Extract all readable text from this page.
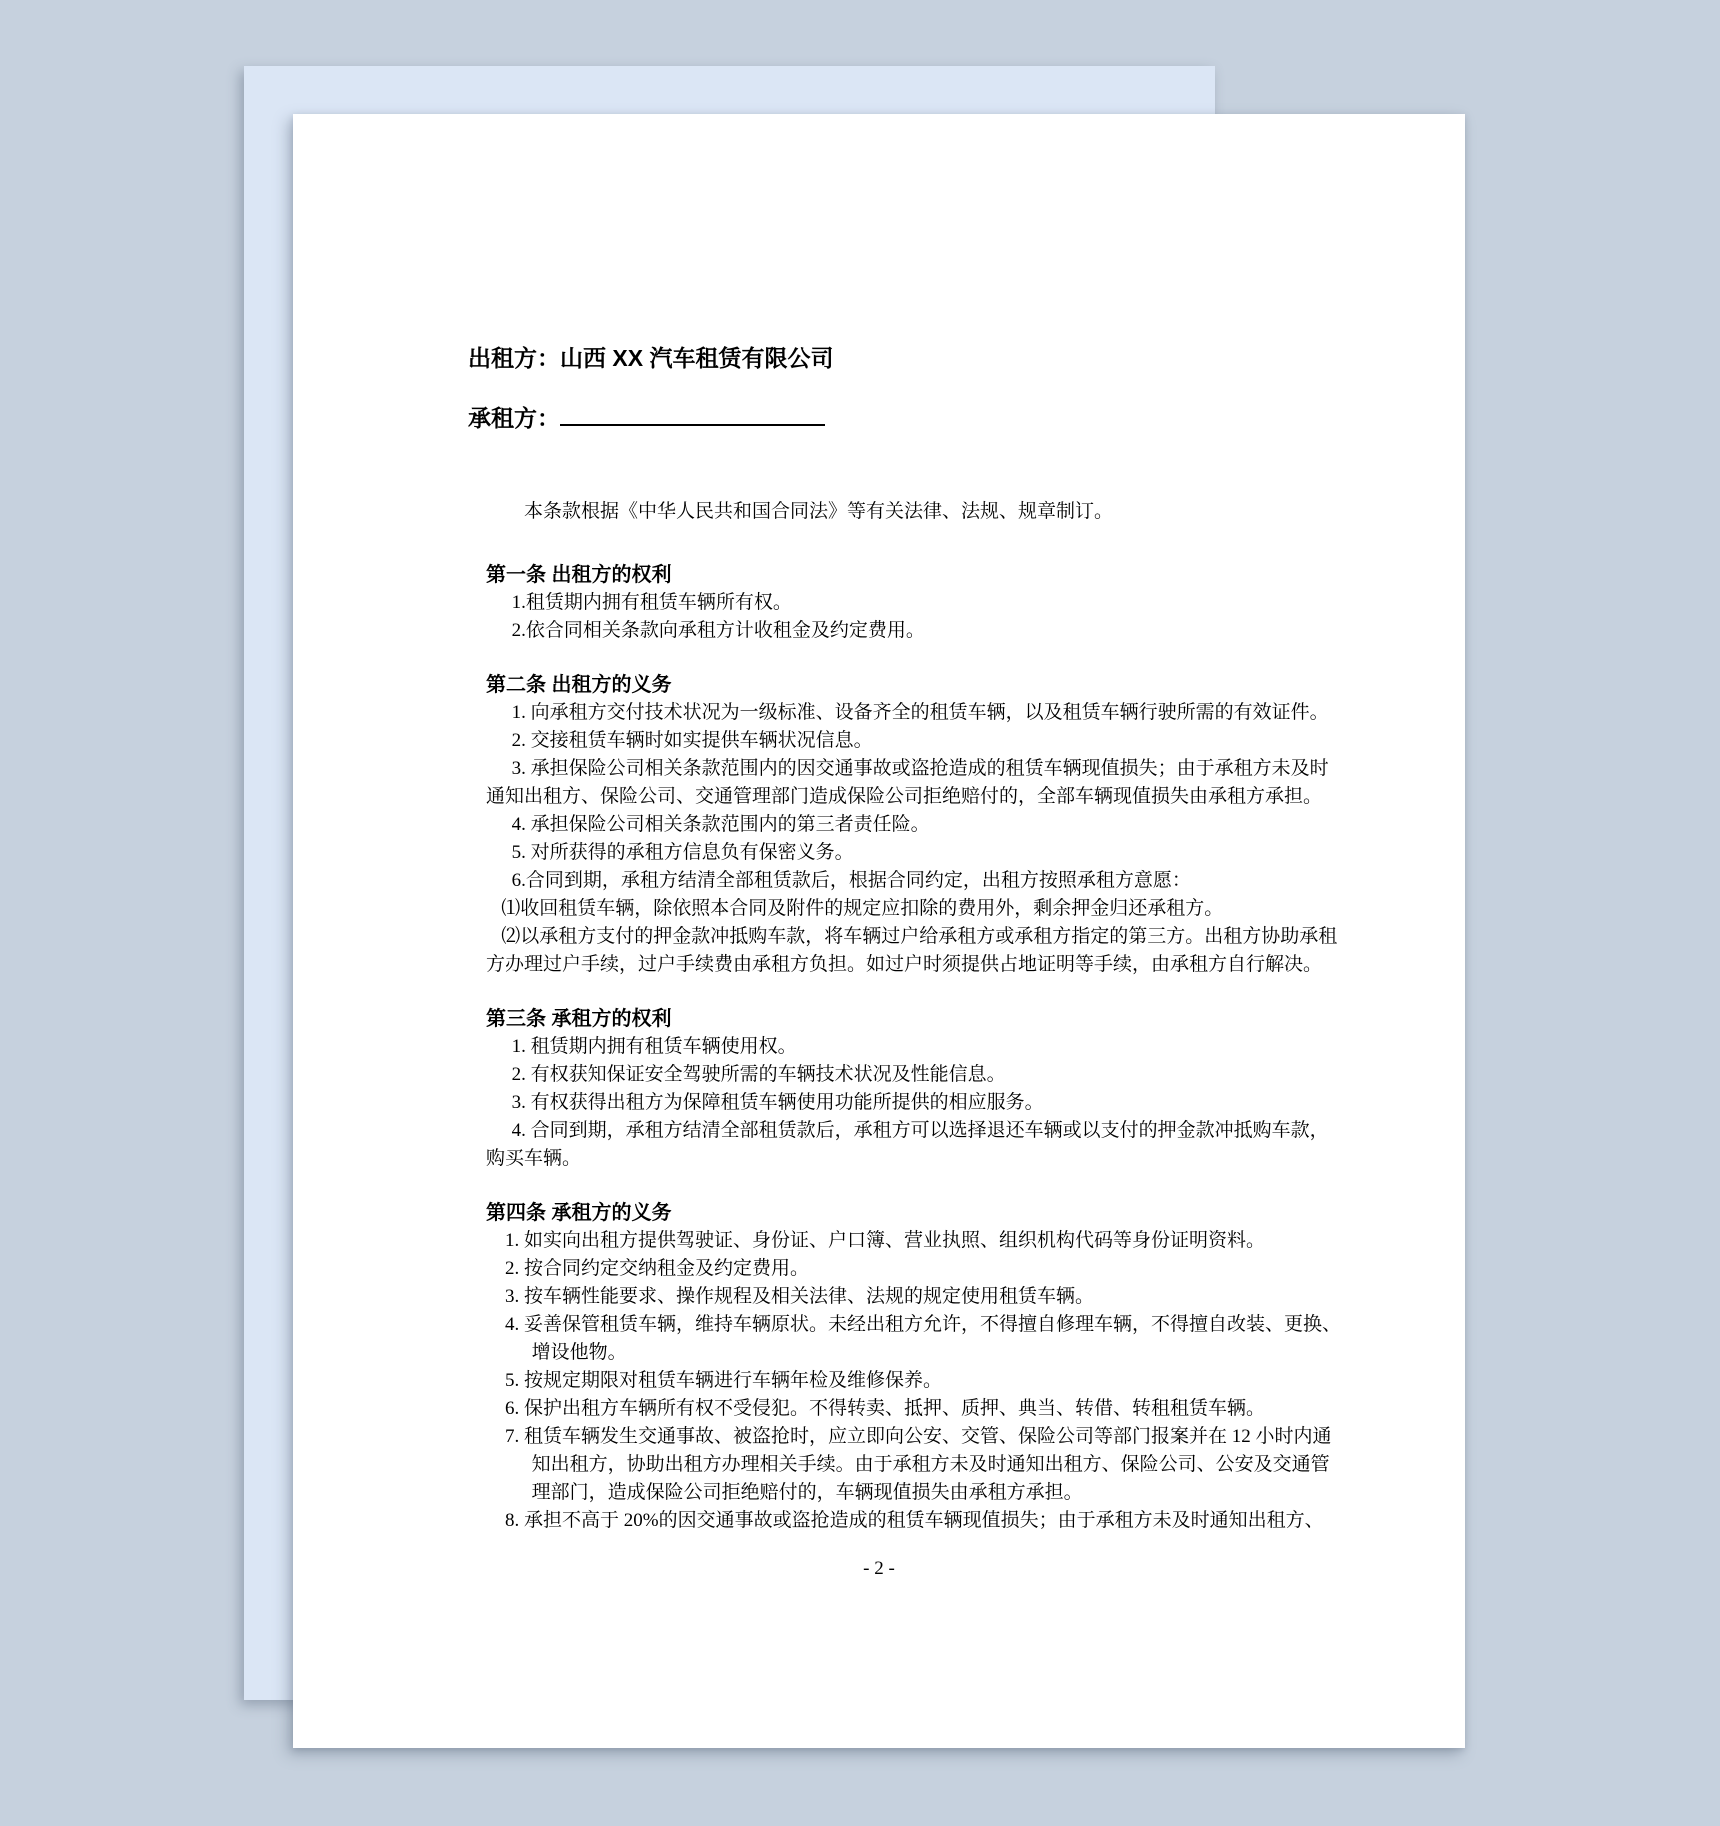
出租方：山西 XX 汽车租赁有限公司

承租方：

本条款根据《中华人民共和国合同法》等有关法律、法规、规章制订。

第一条 出租方的权利

1.租赁期内拥有租赁车辆所有权。

2.依合同相关条款向承租方计收租金及约定费用。

第二条 出租方的义务

1. 向承租方交付技术状况为一级标准、设备齐全的租赁车辆，以及租赁车辆行驶所需的有效证件。

2. 交接租赁车辆时如实提供车辆状况信息。

3. 承担保险公司相关条款范围内的因交通事故或盗抢造成的租赁车辆现值损失；由于承租方未及时通知出租方、保险公司、交通管理部门造成保险公司拒绝赔付的，全部车辆现值损失由承租方承担。

4. 承担保险公司相关条款范围内的第三者责任险。

5. 对所获得的承租方信息负有保密义务。

6.合同到期，承租方结清全部租赁款后，根据合同约定，出租方按照承租方意愿：

⑴收回租赁车辆，除依照本合同及附件的规定应扣除的费用外，剩余押金归还承租方。

⑵以承租方支付的押金款冲抵购车款，将车辆过户给承租方或承租方指定的第三方。出租方协助承租方办理过户手续，过户手续费由承租方负担。如过户时须提供占地证明等手续，由承租方自行解决。

第三条 承租方的权利

1. 租赁期内拥有租赁车辆使用权。

2. 有权获知保证安全驾驶所需的车辆技术状况及性能信息。

3. 有权获得出租方为保障租赁车辆使用功能所提供的相应服务。

4. 合同到期，承租方结清全部租赁款后，承租方可以选择退还车辆或以支付的押金款冲抵购车款，购买车辆。

第四条 承租方的义务

1. 如实向出租方提供驾驶证、身份证、户口簿、营业执照、组织机构代码等身份证明资料。

2. 按合同约定交纳租金及约定费用。

3. 按车辆性能要求、操作规程及相关法律、法规的规定使用租赁车辆。

4. 妥善保管租赁车辆，维持车辆原状。未经出租方允许，不得擅自修理车辆，不得擅自改装、更换、增设他物。

5. 按规定期限对租赁车辆进行车辆年检及维修保养。

6. 保护出租方车辆所有权不受侵犯。不得转卖、抵押、质押、典当、转借、转租租赁车辆。

7. 租赁车辆发生交通事故、被盗抢时，应立即向公安、交管、保险公司等部门报案并在 12 小时内通知出租方，协助出租方办理相关手续。由于承租方未及时通知出租方、保险公司、公安及交通管理部门，造成保险公司拒绝赔付的，车辆现值损失由承租方承担。

8. 承担不高于 20%的因交通事故或盗抢造成的租赁车辆现值损失；由于承租方未及时通知出租方、

- 2 -
